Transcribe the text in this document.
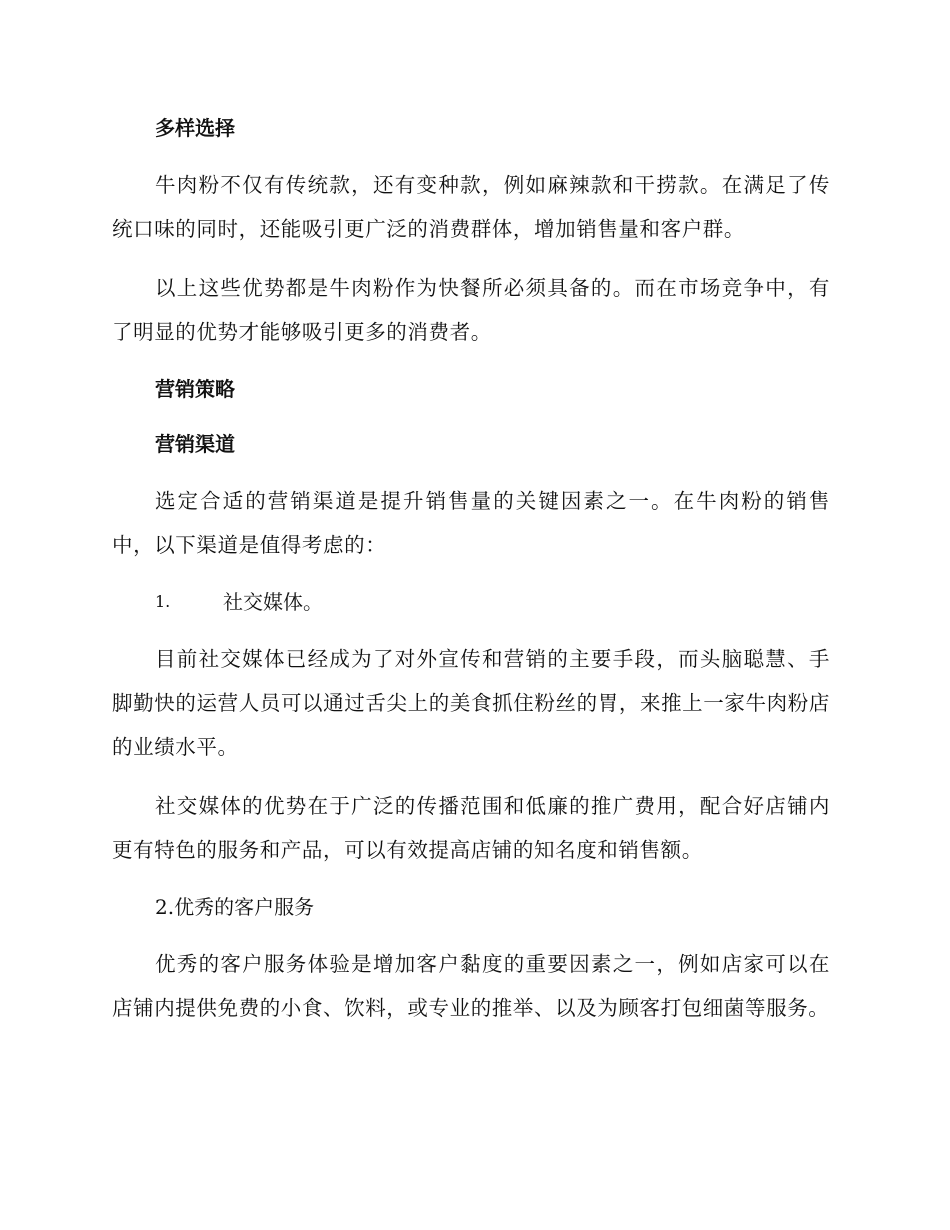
多样选择

牛肉粉不仅有传统款，还有变种款，例如麻辣款和干捞款。在满足了传统口味的同时，还能吸引更广泛的消费群体，增加销售量和客户群。

以上这些优势都是牛肉粉作为快餐所必须具备的。而在市场竞争中，有了明显的优势才能够吸引更多的消费者。

营销策略
营销渠道

选定合适的营销渠道是提升销售量的关键因素之一。在牛肉粉的销售中，以下渠道是值得考虑的：

1.	社交媒体。

目前社交媒体已经成为了对外宣传和营销的主要手段，而头脑聪慧、手脚勤快的运营人员可以通过舌尖上的美食抓住粉丝的胃，来推上一家牛肉粉店的业绩水平。

社交媒体的优势在于广泛的传播范围和低廉的推广费用，配合好店铺内更有特色的服务和产品，可以有效提高店铺的知名度和销售额。

2.优秀的客户服务

优秀的客户服务体验是增加客户黏度的重要因素之一，例如店家可以在店铺内提供免费的小食、饮料，或专业的推举、以及为顾客打包细菌等服务。
